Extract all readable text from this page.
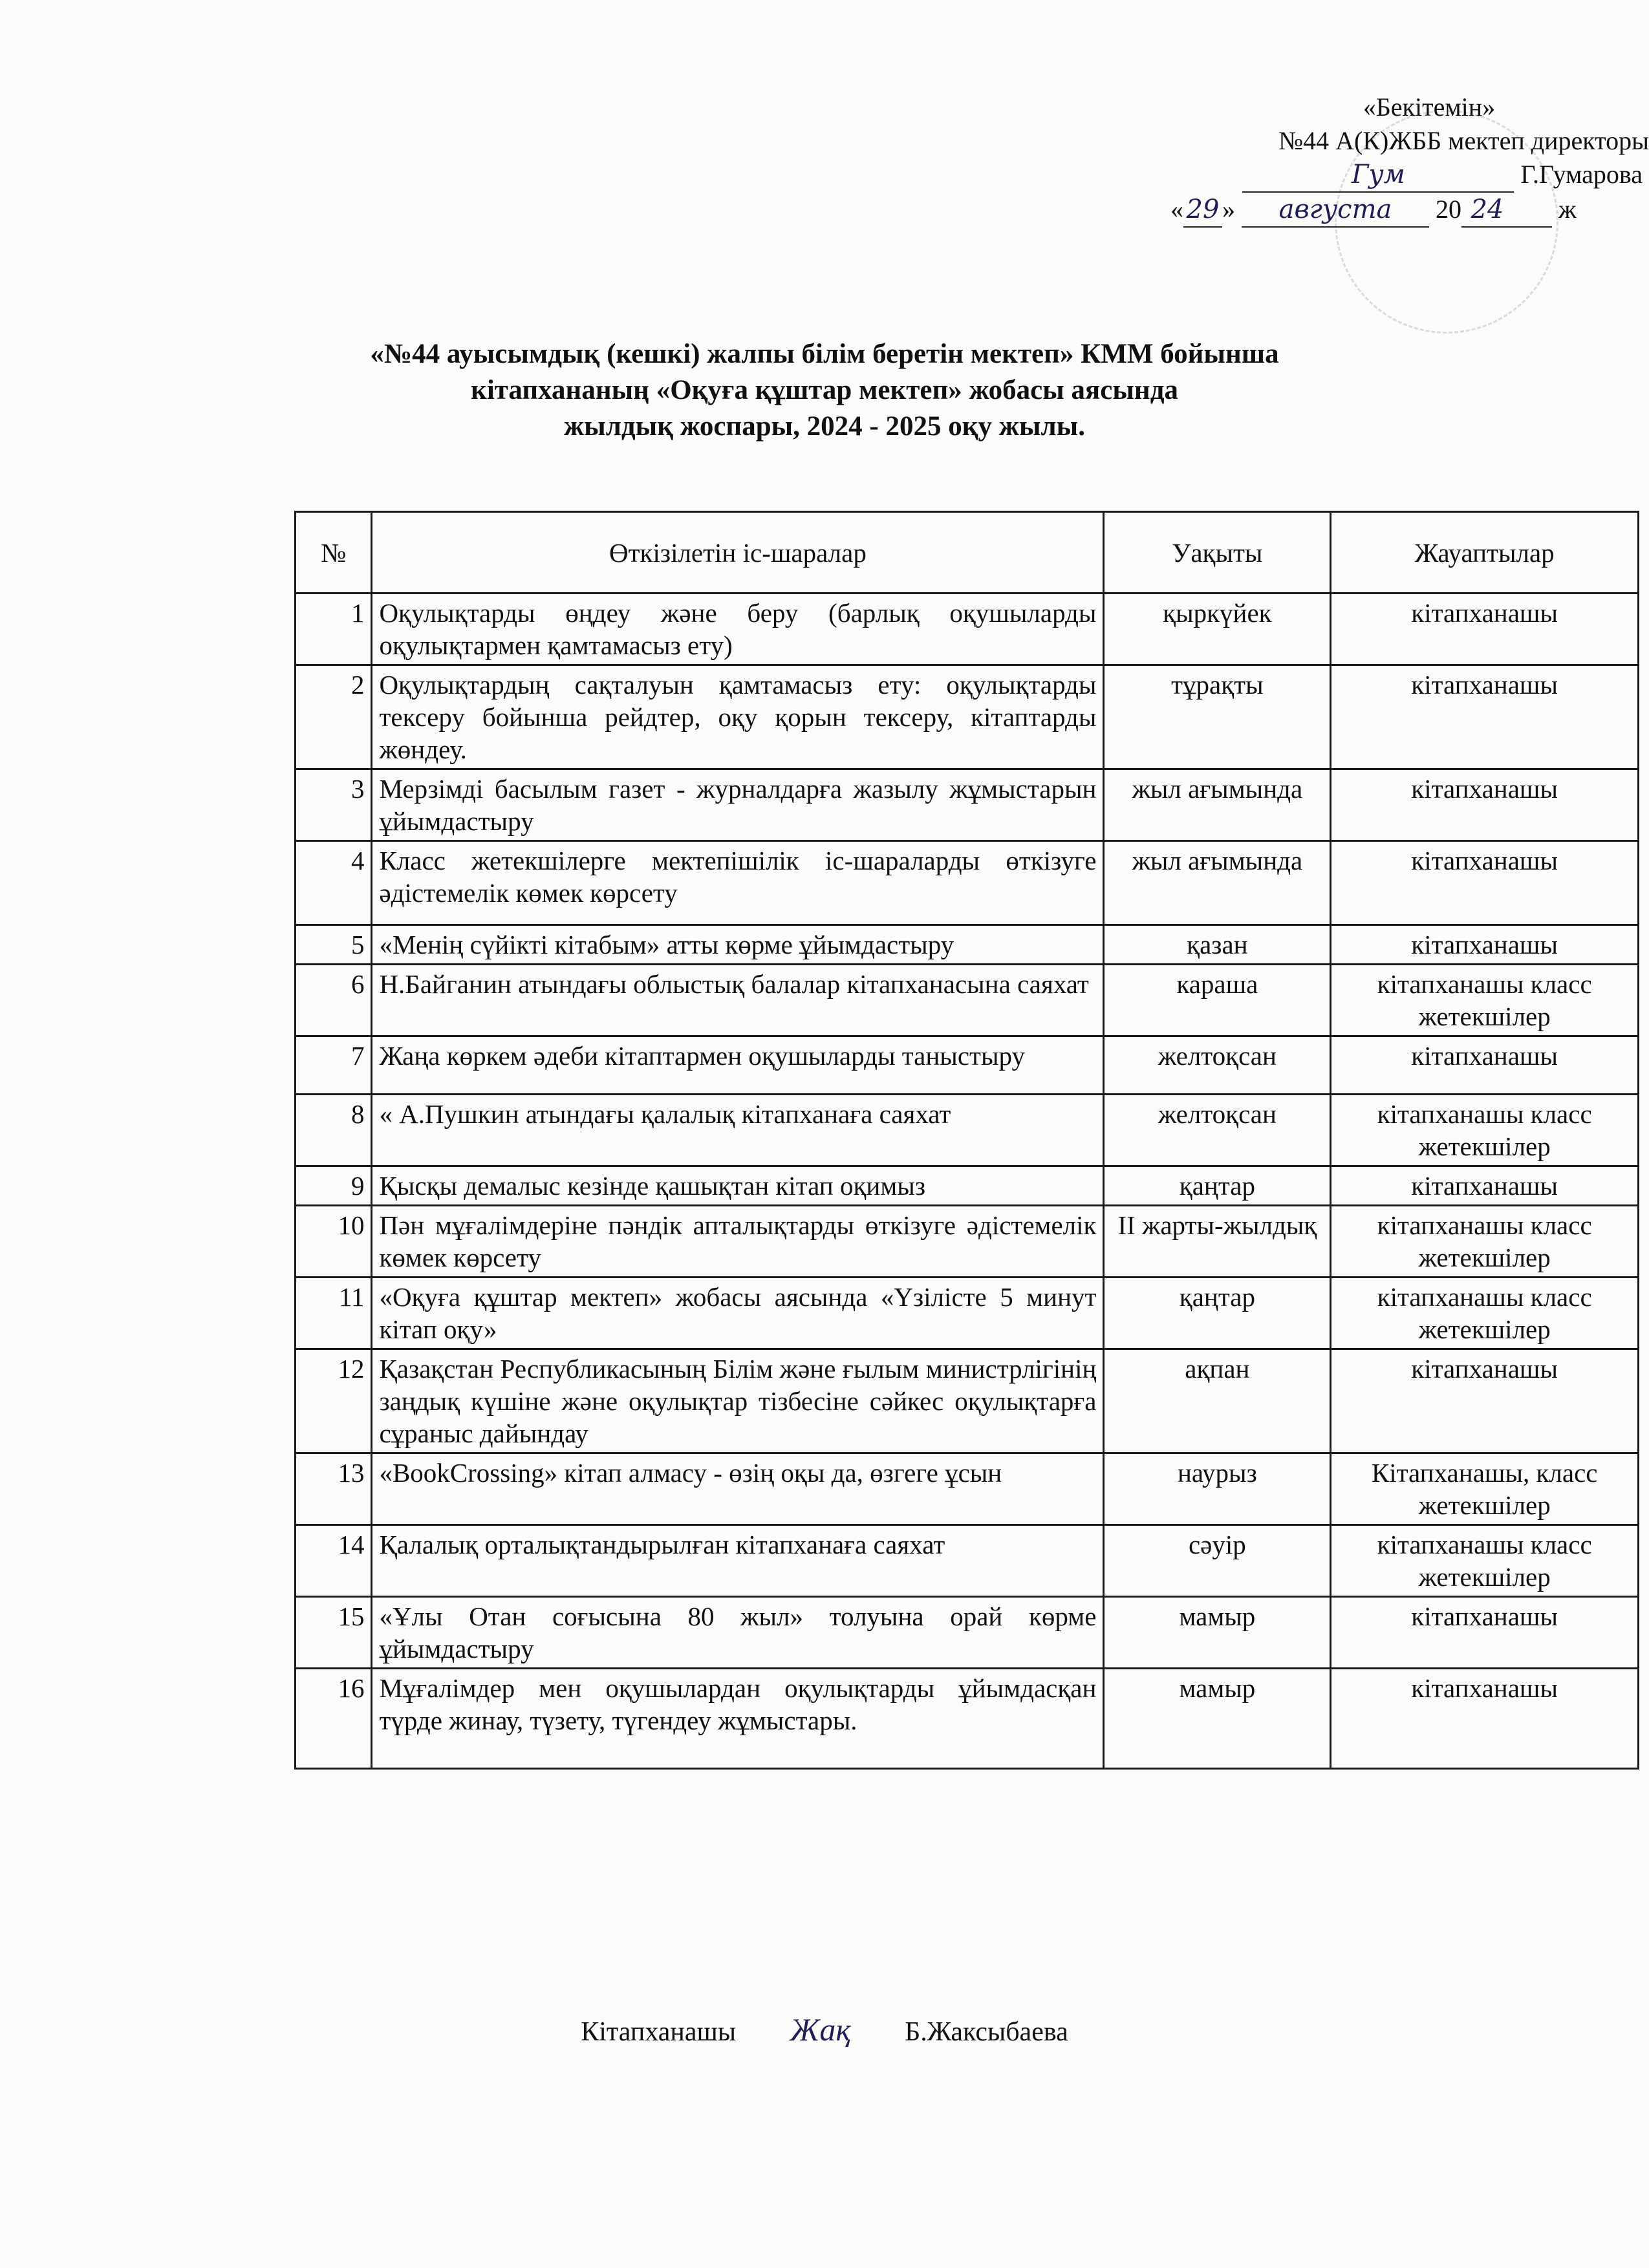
«Бекітемін»
№44 А(К)ЖББ мектеп директоры
Гум	Г.Гумарова
« 29 » августа 20 24 ж
«№44 ауысымдық (кешкі) жалпы білім беретін мектеп» КММ бойынша
кітапхананың «Оқуға құштар мектеп» жобасы аясында
жылдық жоспары, 2024 - 2025 оқу жылы.
№	Өткізілетін іс-шаралар	Уақыты	Жауаптылар
1	Оқулықтарды өңдеу және беру (барлық оқушыларды оқулықтармен қамтамасыз ету)	қыркүйек	кітапханашы
2	Оқулықтардың сақталуын қамтамасыз ету: оқулықтарды тексеру бойынша рейдтер, оқу қорын тексеру, кітаптарды жөндеу.	тұрақты	кітапханашы
3	Мерзімді басылым газет - журналдарға жазылу жұмыстарын ұйымдастыру	жыл ағымында	кітапханашы
4	Класс жетекшілерге мектепішілік іс-шараларды өткізуге әдістемелік көмек көрсету	жыл ағымында	кітапханашы
5	«Менің сүйікті кітабым» атты көрме ұйымдастыру	қазан	кітапханашы
6	Н.Байганин атындағы облыстық балалар кітапханасына саяхат	караша	кітапханашы класс жетекшілер
7	Жаңа көркем әдеби кітаптармен оқушыларды таныстыру	желтоқсан	кітапханашы
8	« А.Пушкин атындағы қалалық кітапханаға саяхат	желтоқсан	кітапханашы класс жетекшілер
9	Қысқы демалыс кезінде қашықтан кітап оқимыз	қаңтар	кітапханашы
10	Пән мұғалімдеріне пәндік апталықтарды өткізуге әдістемелік көмек көрсету	ІІ жарты-жылдық	кітапханашы класс жетекшілер
11	«Оқуға құштар мектеп» жобасы аясында «Үзілісте 5 минут кітап оқу»	қаңтар	кітапханашы класс жетекшілер
12	Қазақстан Республикасының Білім және ғылым министрлігінің заңдық күшіне және оқулықтар тізбесіне сәйкес оқулықтарға сұраныс дайындау	ақпан	кітапханашы
13	«BookCrossing» кітап алмасу - өзің оқы да, өзгеге ұсын	наурыз	Кітапханашы, класс жетекшілер
14	Қалалық орталықтандырылған кітапханаға саяхат	сәуір	кітапханашы класс жетекшілер
15	«Ұлы Отан соғысына 80 жыл» толуына орай көрме ұйымдастыру	мамыр	кітапханашы
16	Мұғалімдер мен оқушылардан оқулықтарды ұйымдасқан түрде жинау, түзету, түгендеу жұмыстары.	мамыр	кітапханашы
Кітапханашы Жақ Б.Жаксыбаева
